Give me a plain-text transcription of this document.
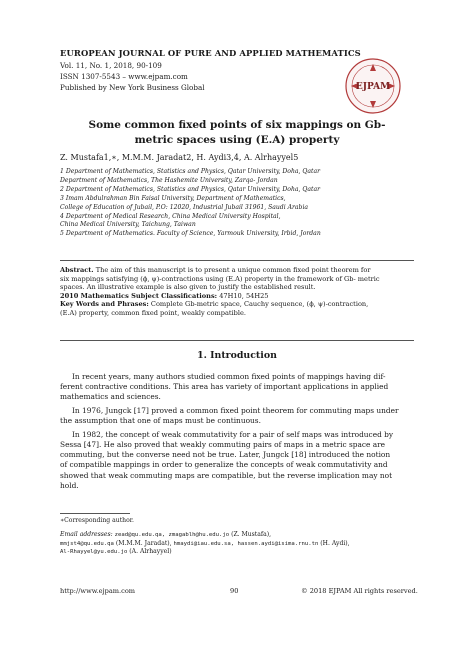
EUROPEAN JOURNAL OF PURE AND APPLIED MATHEMATICS
Vol. 11, No. 1, 2018, 90-109
ISSN 1307-5543 – www.ejpam.com
Published by New York Business Global	EJPAM
Some common fixed points of six mappings on Gb-
metric spaces using (E.A) property
Z. Mustafa1,∗, M.M.M. Jaradat2, H. Aydi3,4, A. Alrhayyel5
1 Department of Mathematics, Statistics and Physics, Qatar University, Doha, Qatar
Department of Mathematics, The Hashemite University, Zarqa- Jordan
2 Department of Mathematics, Statistics and Physics, Qatar University, Doha, Qatar
3 Imam Abdulrahman Bin Faisal University, Department of Mathematics,
College of Education of Jubail, P.O: 12020, Industrial Jubail 31961, Saudi Arabia
4 Department of Medical Research, China Medical University Hospital,
China Medical University, Taichung, Taiwan
5 Department of Mathematics. Faculty of Science, Yarmouk University, Irbid, Jordan
Abstract. The aim of this manuscript is to present a unique common fixed point theorem for
six mappings satisfying (ϕ, ψ)-contractions using (E.A) property in the framework of Gb- metric
spaces. An illustrative example is also given to justify the established result.
2010 Mathematics Subject Classifications: 47H10, 54H25
Key Words and Phrases: Complete Gb-metric space, Cauchy sequence, (ϕ, ψ)-contraction,
(E.A) property, common fixed point, weakly compatible.
1. Introduction

In recent years, many authors studied common fixed points of mappings having dif-
ferent contractive conditions. This area has variety of important applications in applied
mathematics and sciences.

In 1976, Jungck [17] proved a common fixed point theorem for commuting maps under
the assumption that one of maps must be continuous.

In 1982, the concept of weak commutativity for a pair of self maps was introduced by
Sessa [47]. He also proved that weakly commuting pairs of maps in a metric space are
commuting, but the converse need not be true. Later, Jungck [18] introduced the notion
of compatible mappings in order to generalize the concepts of weak commutativity and
showed that weak commuting maps are compatible, but the reverse implication may not
hold.

∗Corresponding author.
Email addresses: zead@qu.edu.qa, zmagablh@hu.edu.jo (Z. Mustafa),
mmjst4@qu.edu.qa (M.M.M. Jaradat), hmaydi@iau.edu.sa, hassen.aydi@isima.rnu.tn (H. Aydi),
Al-Rhayyel@yu.edu.jo (A. Alrhayyel)
http://www.ejpam.com	90	© 2018 EJPAM All rights reserved.
